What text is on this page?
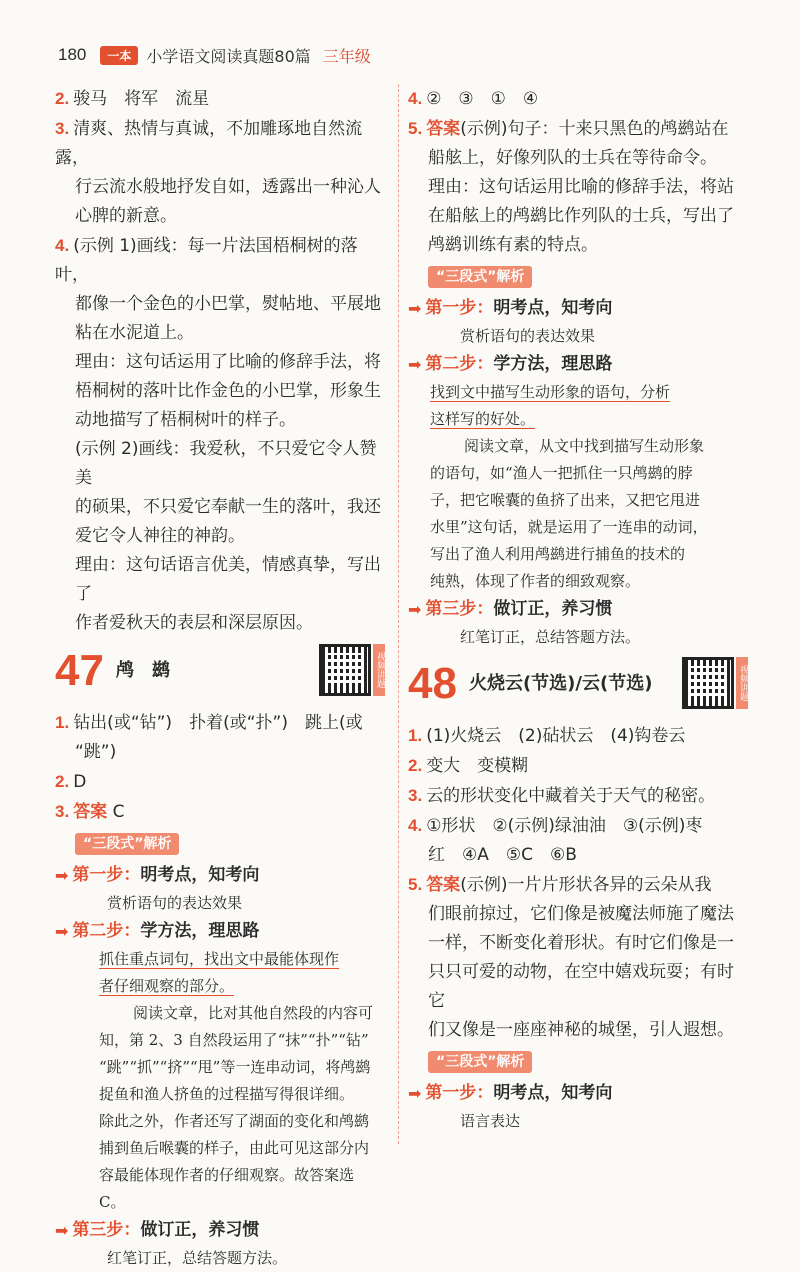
180	一本 小学语文阅读真题80篇 三年级

2. 骏马　将军　流星

3. 清爽、热情与真诚，不加雕琢地自然流露，

行云流水般地抒发自如，透露出一种沁人

心脾的新意。

4. (示例 1)画线：每一片法国梧桐树的落叶，

都像一个金色的小巴掌，熨帖地、平展地

粘在水泥道上。

理由：这句话运用了比喻的修辞手法，将

梧桐树的落叶比作金色的小巴掌，形象生

动地描写了梧桐树叶的样子。

(示例 2)画线：我爱秋，不只爱它令人赞美

的硕果，不只爱它奉献一生的落叶，我还

爱它令人神往的神韵。

理由：这句话语言优美，情感真挚，写出了

作者爱秋天的表层和深层原因。

47 鸬　鹚	视频讲题

1. 钻出(或“钻”)　扑着(或“扑”)　跳上(或

“跳”)

2. D

3. 答案 C

“三段式”解析
➡ 第一步： 明考点，知考向

赏析语句的表达效果

➡ 第二步： 学方法，理思路

抓住重点词句，找出文中最能体现作

者仔细观察的部分。

阅读文章，比对其他自然段的内容可

知，第 2、3 自然段运用了“抹”“扑”“钻”

“跳”“抓”“挤”“甩”等一连串动词，将鸬鹚

捉鱼和渔人挤鱼的过程描写得很详细。

除此之外，作者还写了湖面的变化和鸬鹚

捕到鱼后喉囊的样子，由此可见这部分内

容最能体现作者的仔细观察。故答案选 C。

➡ 第三步： 做订正，养习惯

红笔订正，总结答题方法。

4. ②　③　①　④

5. 答案(示例)句子：十来只黑色的鸬鹚站在

船舷上，好像列队的士兵在等待命令。

理由：这句话运用比喻的修辞手法，将站

在船舷上的鸬鹚比作列队的士兵，写出了

鸬鹚训练有素的特点。

“三段式”解析
➡ 第一步： 明考点，知考向

赏析语句的表达效果

➡ 第二步： 学方法，理思路

找到文中描写生动形象的语句，分析

这样写的好处。

阅读文章，从文中找到描写生动形象

的语句，如“渔人一把抓住一只鸬鹚的脖

子，把它喉囊的鱼挤了出来，又把它甩进

水里”这句话，就是运用了一连串的动词，

写出了渔人利用鸬鹚进行捕鱼的技术的

纯熟，体现了作者的细致观察。

➡ 第三步： 做订正，养习惯

红笔订正，总结答题方法。

48 火烧云(节选)/云(节选)	视频讲题

1. (1)火烧云　(2)砧状云　(4)钩卷云

2. 变大　变模糊

3. 云的形状变化中藏着关于天气的秘密。

4. ①形状　②(示例)绿油油　③(示例)枣

红　④A　⑤C　⑥B

5. 答案(示例)一片片形状各异的云朵从我

们眼前掠过，它们像是被魔法师施了魔法

一样，不断变化着形状。有时它们像是一

只只可爱的动物，在空中嬉戏玩耍；有时它

们又像是一座座神秘的城堡，引人遐想。

“三段式”解析
➡ 第一步： 明考点，知考向

语言表达
